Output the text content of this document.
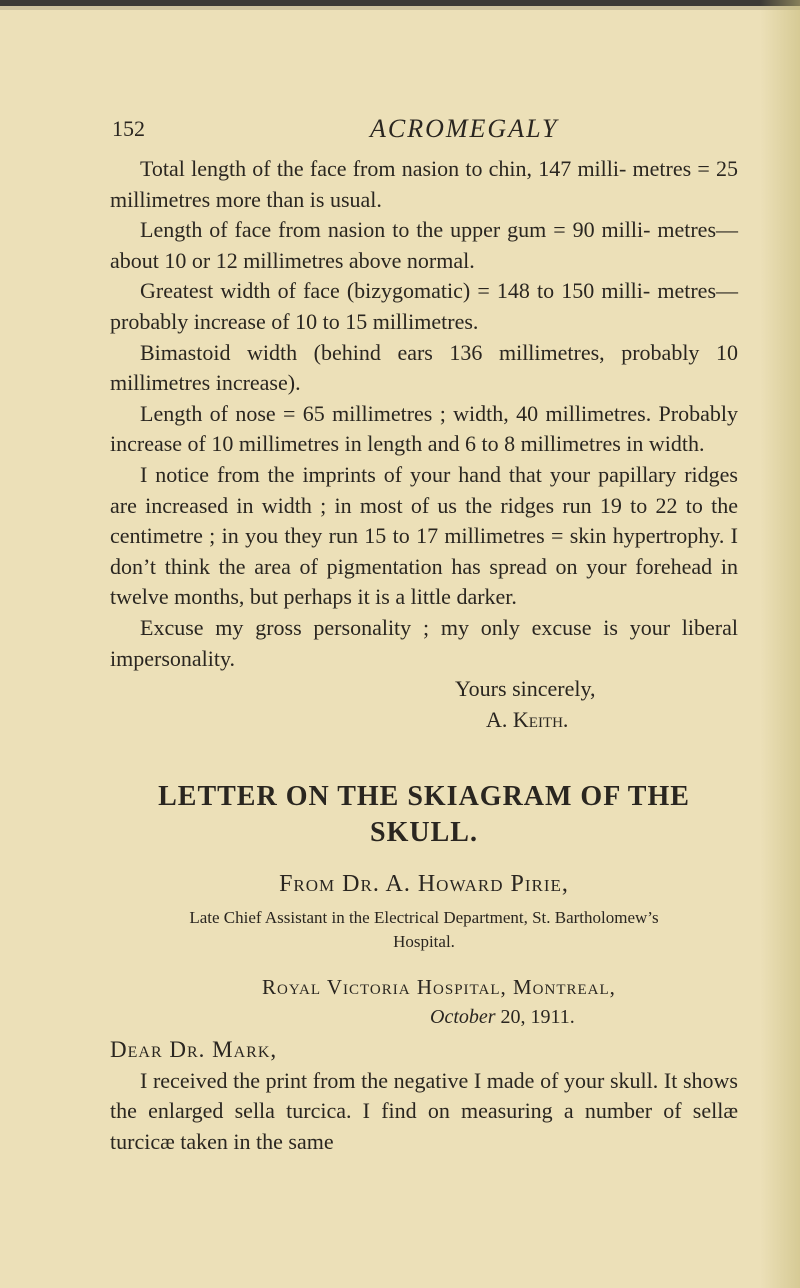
152	ACROMEGALY

Total length of the face from nasion to chin, 147 milli- metres = 25 millimetres more than is usual.

Length of face from nasion to the upper gum = 90 milli- metres—about 10 or 12 millimetres above normal.

Greatest width of face (bizygomatic) = 148 to 150 milli- metres—probably increase of 10 to 15 millimetres.

Bimastoid width (behind ears 136 millimetres, probably 10 millimetres increase).

Length of nose = 65 millimetres ; width, 40 millimetres. Probably increase of 10 millimetres in length and 6 to 8 millimetres in width.

I notice from the imprints of your hand that your papillary ridges are increased in width ; in most of us the ridges run 19 to 22 to the centimetre ; in you they run 15 to 17 millimetres = skin hypertrophy. I don’t think the area of pigmentation has spread on your forehead in twelve months, but perhaps it is a little darker.

Excuse my gross personality ; my only excuse is your liberal impersonality.

Yours sincerely,

A. Keith.

LETTER ON THE SKIAGRAM OF THE
SKULL.

From Dr. A. Howard Pirie,

Late Chief Assistant in the Electrical Department, St. Bartholomew’s
Hospital.

Royal Victoria Hospital, Montreal,

October 20, 1911.

Dear Dr. Mark,

I received the print from the negative I made of your skull. It shows the enlarged sella turcica. I find on measuring a number of sellæ turcicæ taken in the same
